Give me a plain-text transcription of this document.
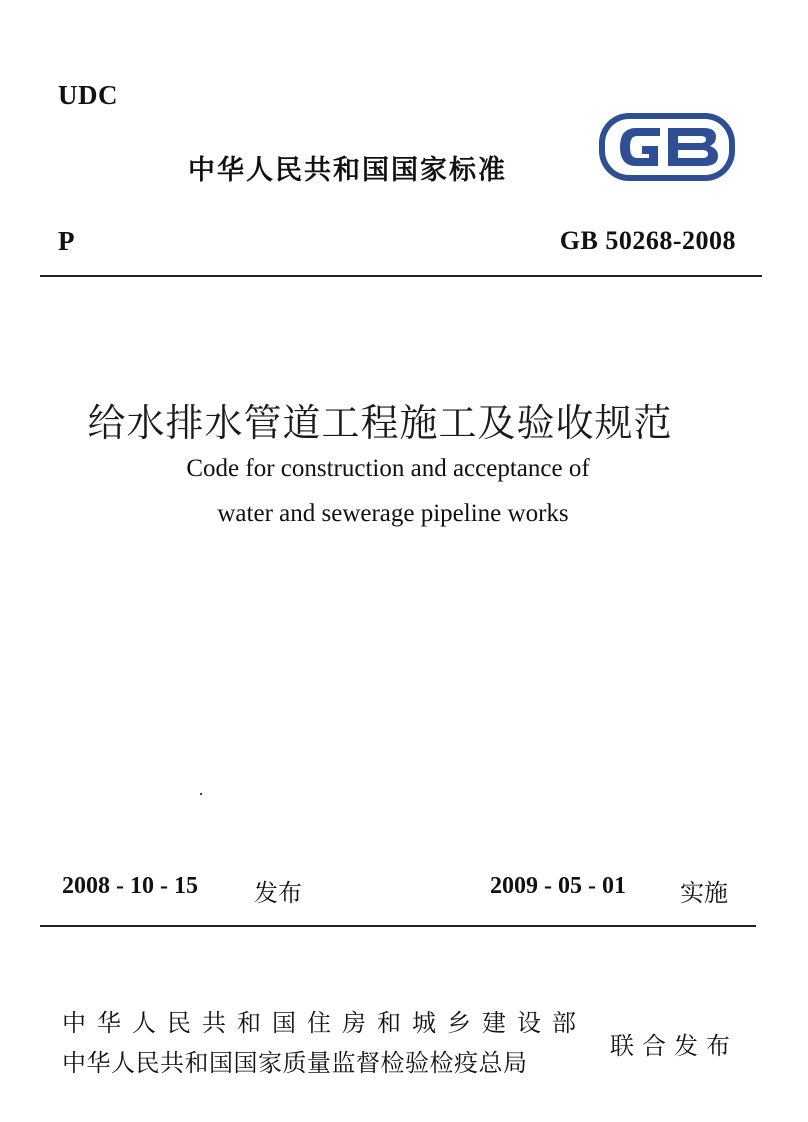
UDC
中华人民共和国国家标准
P	GB 50268-2008
给水排水管道工程施工及验收规范
Code for construction and acceptance of
water and sewerage pipeline works
2008 - 10 - 15 发布	2009 - 05 - 01 实施
中华人民共和国住房和城乡建设部
中华人民共和国国家质量监督检验检疫总局
联合发布
